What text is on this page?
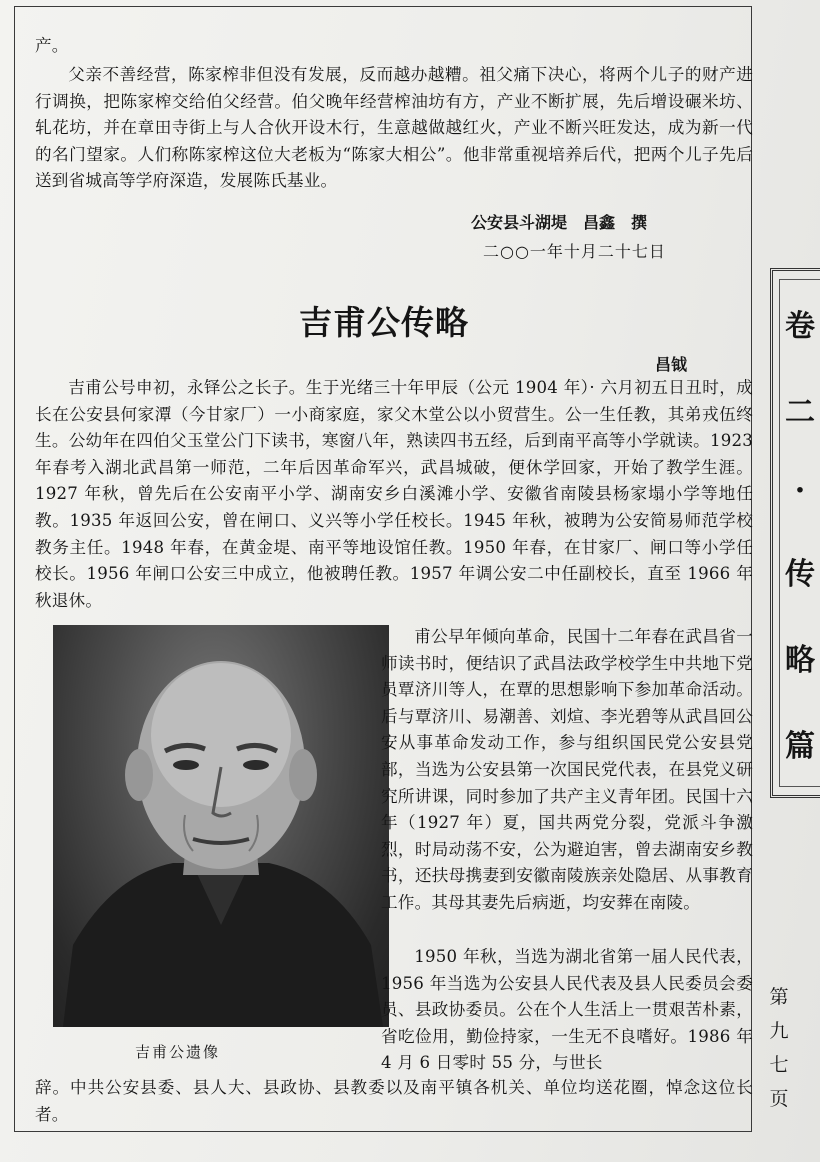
产。

父亲不善经营，陈家榨非但没有发展，反而越办越糟。祖父痛下决心，将两个儿子的财产进行调换，把陈家榨交给伯父经营。伯父晚年经营榨油坊有方，产业不断扩展，先后增设碾米坊、轧花坊，并在章田寺街上与人合伙开设木行，生意越做越红火，产业不断兴旺发达，成为新一代的名门望家。人们称陈家榨这位大老板为“陈家大相公”。他非常重视培养后代，把两个儿子先后送到省城高等学府深造，发展陈氏基业。

公安县斗湖堤　昌鑫　撰
二○○一年十月二十七日
吉甫公传略
昌钺

吉甫公号申初，永铎公之长子。生于光绪三十年甲辰（公元 1904 年）· 六月初五日丑时，成长在公安县何家潭（今甘家厂）一小商家庭，家父木堂公以小贸营生。公一生任教，其弟戎伍终生。公幼年在四伯父玉堂公门下读书，寒窗八年，熟读四书五经，后到南平高等小学就读。1923 年春考入湖北武昌第一师范，二年后因革命军兴，武昌城破，便休学回家，开始了教学生涯。1927 年秋，曾先后在公安南平小学、湖南安乡白溪滩小学、安徽省南陵县杨家塌小学等地任教。1935 年返回公安，曾在闸口、义兴等小学任校长。1945 年秋，被聘为公安简易师范学校教务主任。1948 年春，在黄金堤、南平等地设馆任教。1950 年春，在甘家厂、闸口等小学任校长。1956 年闸口公安三中成立，他被聘任教。1957 年调公安二中任副校长，直至 1966 年秋退休。

甫公早年倾向革命，民国十二年春在武昌省一师读书时，便结识了武昌法政学校学生中共地下党员覃济川等人，在覃的思想影响下参加革命活动。后与覃济川、易潮善、刘煊、李光碧等从武昌回公安从事革命发动工作，参与组织国民党公安县党部，当选为公安县第一次国民党代表，在县党义研究所讲课，同时参加了共产主义青年团。民国十六年（1927 年）夏，国共两党分裂，党派斗争激烈，时局动荡不安，公为避迫害，曾去湖南安乡教书，还扶母携妻到安徽南陵族亲处隐居、从事教育工作。其母其妻先后病逝，均安葬在南陵。

1950 年秋，当选为湖北省第一届人民代表，1956 年当选为公安县人民代表及县人民委员会委员、县政协委员。公在个人生活上一贯艰苦朴素，省吃俭用，勤俭持家，一生无不良嗜好。1986 年 4 月 6 日零时 55 分，与世长

吉甫公遗像

辞。中共公安县委、县人大、县政协、县教委以及南平镇各机关、单位均送花圈，悼念这位长者。

卷
二
·
传
略
篇
第
九
七
页
